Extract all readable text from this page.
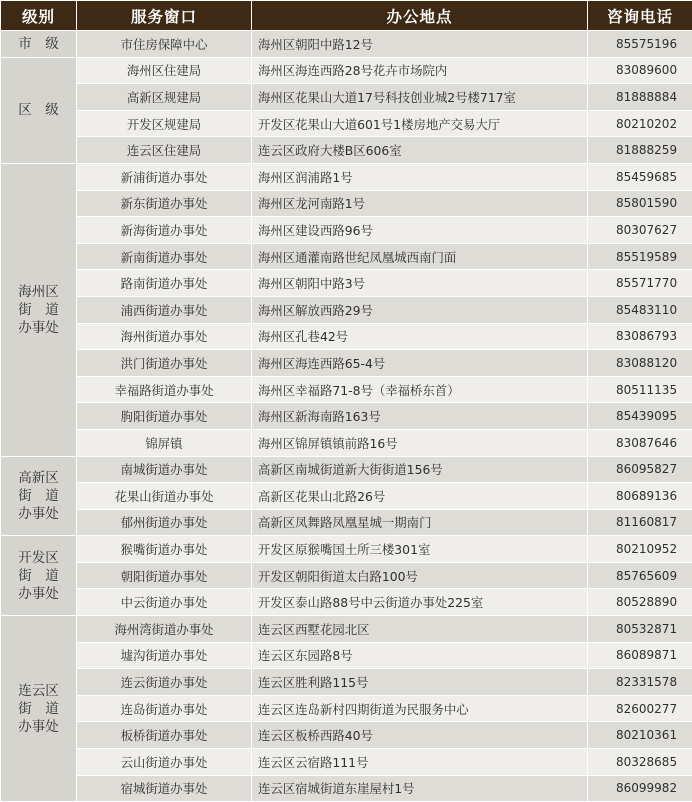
级别	服务窗口	办公地点	咨询电话

市　级	市住房保障中心	海州区朝阳中路12号	85575196

区　级	海州区住建局	海州区海连西路28号花卉市场院内	83089600
	高新区规建局	海州区花果山大道17号科技创业城2号楼717室	81888884
	开发区规建局	开发区花果山大道601号1楼房地产交易大厅	80210202
	连云区住建局	连云区政府大楼B区606室	81888259

海州区
街　道
办事处	新浦街道办事处	海州区润浦路1号	85459685
	新东街道办事处	海州区龙河南路1号	85801590
	新海街道办事处	海州区建设西路96号	80307627
	新南街道办事处	海州区通灌南路世纪凤凰城西南门面	85519589
	路南街道办事处	海州区朝阳中路3号	85571770
	浦西街道办事处	海州区解放西路29号	85483110
	海州街道办事处	海州区孔巷42号	83086793
	洪门街道办事处	海州区海连西路65-4号	83088120
	幸福路街道办事处	海州区幸福路71-8号（幸福桥东首）	80511135
	朐阳街道办事处	海州区新海南路163号	85439095
	锦屏镇	海州区锦屏镇镇前路16号	83087646

高新区
街　道
办事处	南城街道办事处	高新区南城街道新大街街道156号	86095827
	花果山街道办事处	高新区花果山北路26号	80689136
	郁州街道办事处	高新区凤舞路凤凰星城一期南门	81160817

开发区
街　道
办事处	猴嘴街道办事处	开发区原猴嘴国土所三楼301室	80210952
	朝阳街道办事处	开发区朝阳街道太白路100号	85765609
	中云街道办事处	开发区泰山路88号中云街道办事处225室	80528890

连云区
街　道
办事处	海州湾街道办事处	连云区西墅花园北区	80532871
	墟沟街道办事处	连云区东园路8号	86089871
	连云街道办事处	连云区胜利路115号	82331578
	连岛街道办事处	连云区连岛新村四期街道为民服务中心	82600277
	板桥街道办事处	连云区板桥西路40号	80210361
	云山街道办事处	连云区云宿路111号	80328685
	宿城街道办事处	连云区宿城街道东崖屋村1号	86099982
